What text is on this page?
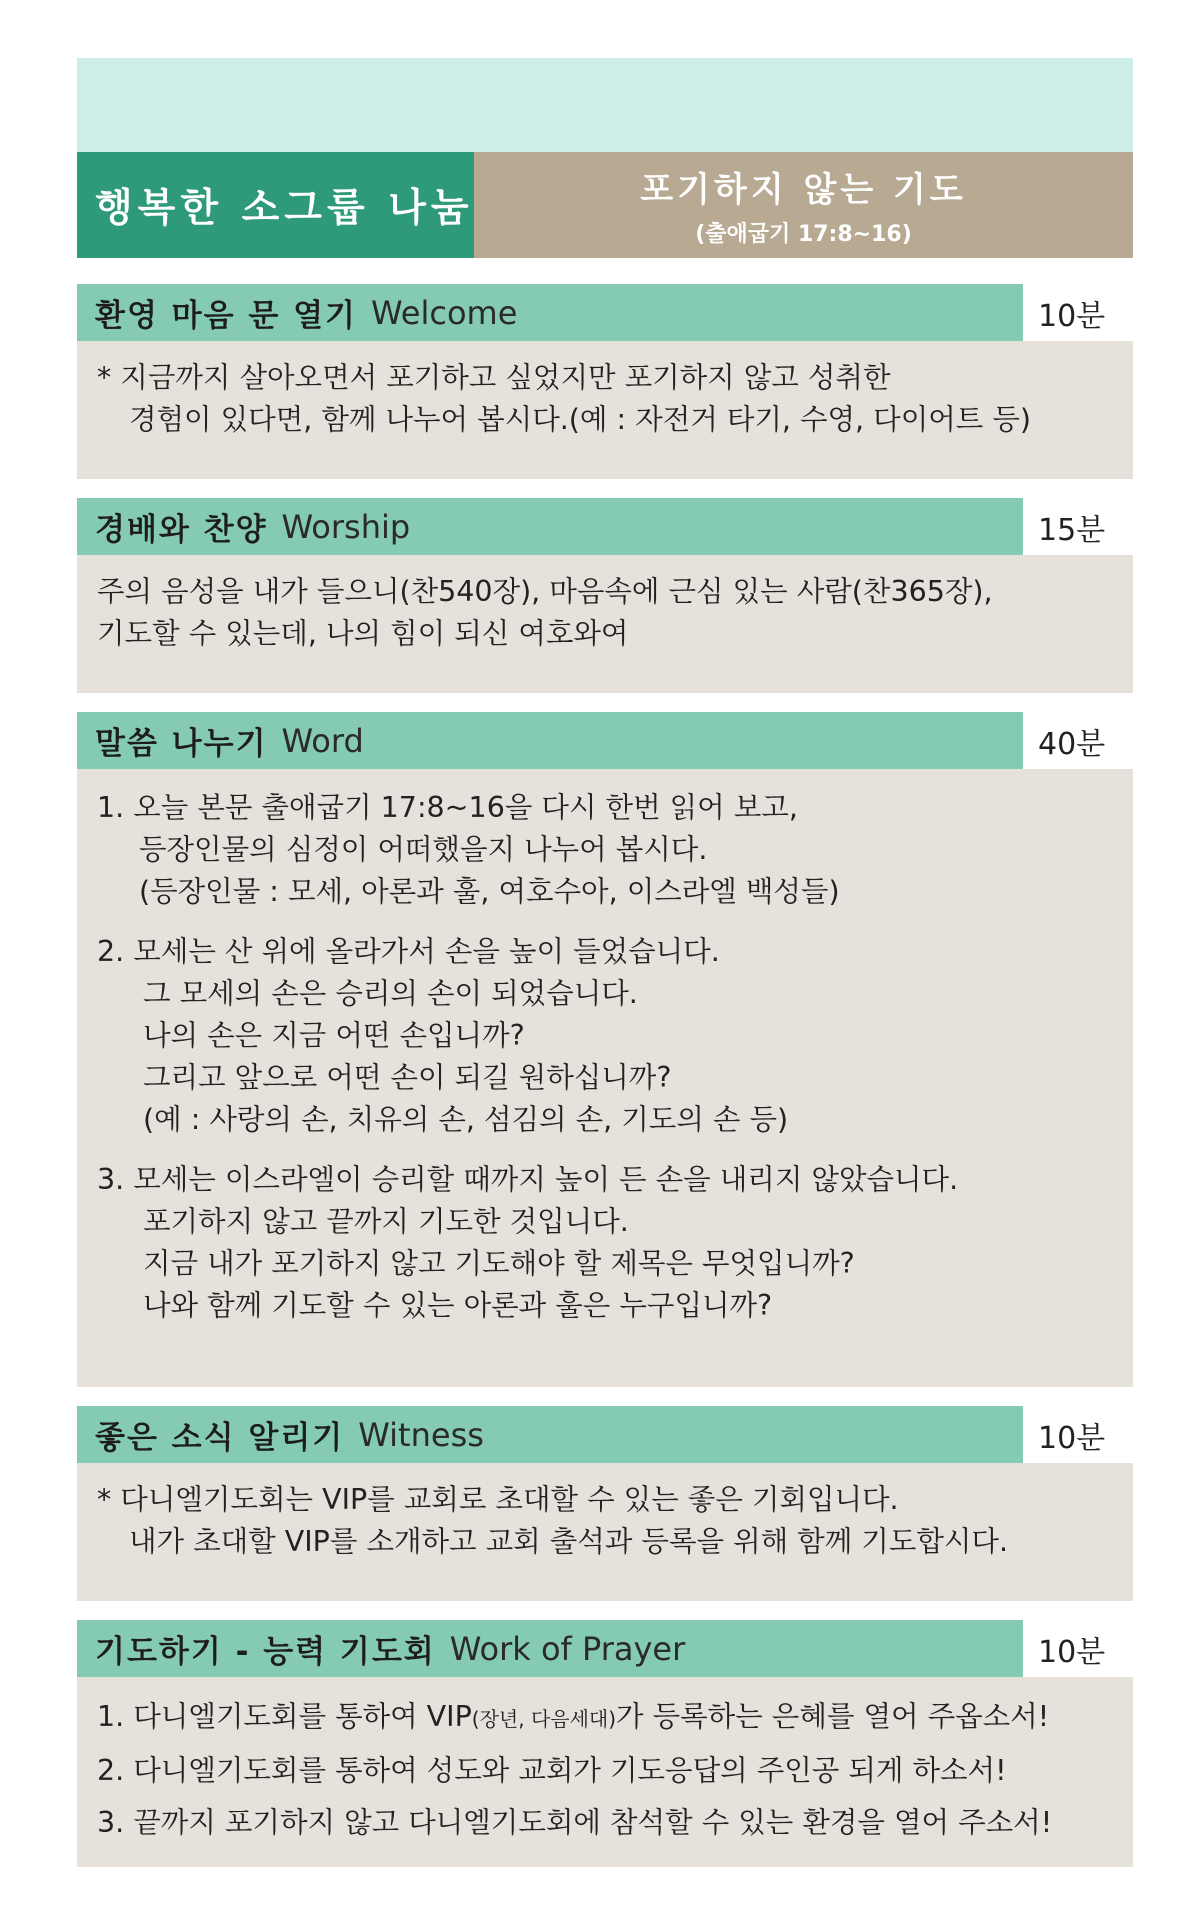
행복한 소그룹 나눔	포기하지 않는 기도
(출애굽기 17:8~16)
환영 마음 문 열기 Welcome	10분
* 지금까지 살아오면서 포기하고 싶었지만 포기하지 않고 성취한
경험이 있다면, 함께 나누어 봅시다.(예 : 자전거 타기, 수영, 다이어트 등)
경배와 찬양 Worship	15분
주의 음성을 내가 들으니(찬540장), 마음속에 근심 있는 사람(찬365장),
기도할 수 있는데, 나의 힘이 되신 여호와여
말씀 나누기 Word	40분
1. 오늘 본문 출애굽기 17:8~16을 다시 한번 읽어 보고,
등장인물의 심정이 어떠했을지 나누어 봅시다.
(등장인물 : 모세, 아론과 훌, 여호수아, 이스라엘 백성들)
2. 모세는 산 위에 올라가서 손을 높이 들었습니다.
그 모세의 손은 승리의 손이 되었습니다.
나의 손은 지금 어떤 손입니까?
그리고 앞으로 어떤 손이 되길 원하십니까?
(예 : 사랑의 손, 치유의 손, 섬김의 손, 기도의 손 등)
3. 모세는 이스라엘이 승리할 때까지 높이 든 손을 내리지 않았습니다.
포기하지 않고 끝까지 기도한 것입니다.
지금 내가 포기하지 않고 기도해야 할 제목은 무엇입니까?
나와 함께 기도할 수 있는 아론과 훌은 누구입니까?
좋은 소식 알리기 Witness	10분
* 다니엘기도회는 VIP를 교회로 초대할 수 있는 좋은 기회입니다.
내가 초대할 VIP를 소개하고 교회 출석과 등록을 위해 함께 기도합시다.
기도하기 - 능력 기도회 Work of Prayer	10분
1. 다니엘기도회를 통하여 VIP(장년, 다음세대)가 등록하는 은혜를 열어 주옵소서!
2. 다니엘기도회를 통하여 성도와 교회가 기도응답의 주인공 되게 하소서!
3. 끝까지 포기하지 않고 다니엘기도회에 참석할 수 있는 환경을 열어 주소서!
